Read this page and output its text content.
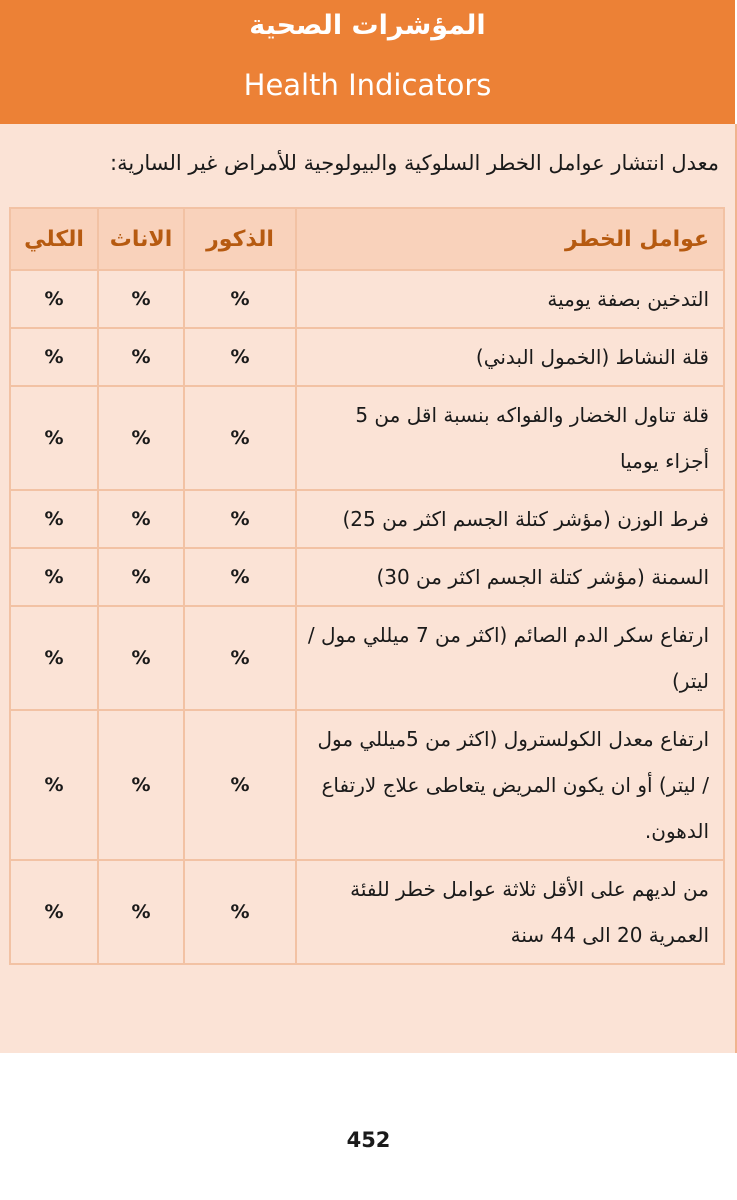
المؤشرات الصحية
Health Indicators
معدل انتشار عوامل الخطر السلوكية والبيولوجية للأمراض غير السارية:
عوامل الخطر	الذكور	الاناث	الكلي
التدخين بصفة يومية	%	%	%
قلة النشاط (الخمول البدني)	%	%	%
قلة تناول الخضار والفواكه بنسبة اقل من 5 أجزاء يوميا	%	%	%
فرط الوزن (مؤشر كتلة الجسم اكثر من 25)	%	%	%
السمنة (مؤشر كتلة الجسم اكثر من 30)	%	%	%
ارتفاع سكر الدم الصائم (اكثر من 7 ميللي مول / ليتر)	%	%	%
ارتفاع معدل الكولسترول (اكثر من 5ميللي مول / ليتر) أو ان يكون المريض يتعاطى علاج لارتفاع الدهون.	%	%	%
من لديهم على الأقل ثلاثة عوامل خطر للفئة العمرية 20 الى 44 سنة	%	%	%
452
